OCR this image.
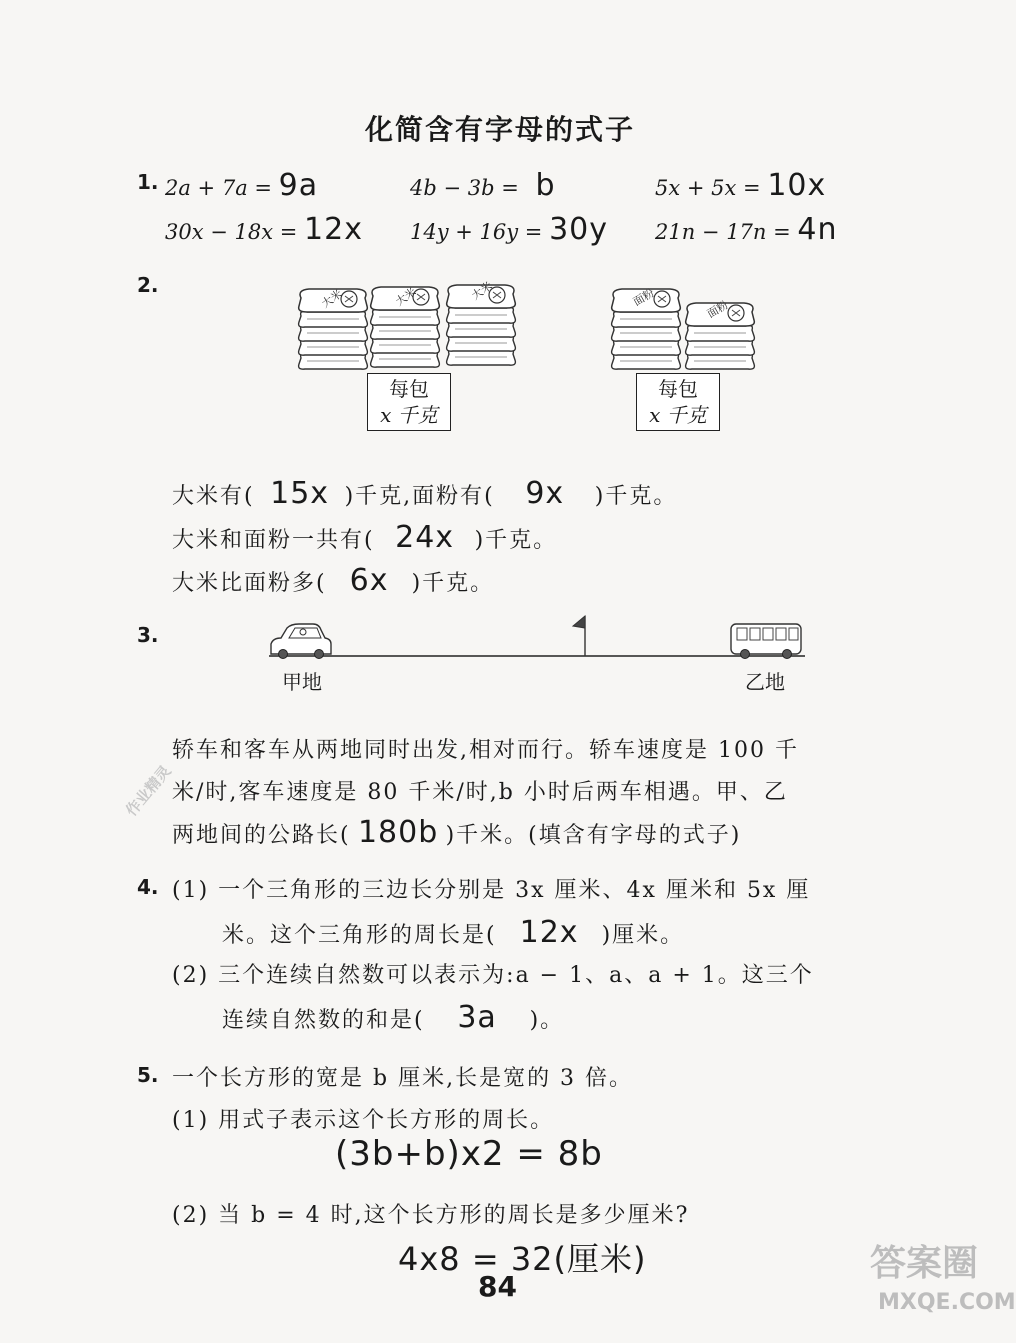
化简含有字母的式子
1. 2a + 7a = 9a	4b − 3b = b	5x + 5x = 10x
30x − 18x = 12x 14y + 16y = 30y 21n − 17n = 4n
2.
大米	大米	大米	面粉
面粉
每包
x 千克
每包
x 千克
大米有( 15x )千克,面粉有( 9x )千克。
大米和面粉一共有( 24x )千克。
大米比面粉多( 6x )千克。
3.
甲地	乙地
轿车和客车从两地同时出发,相对而行。轿车速度是 100 千
米/时,客车速度是 80 千米/时,b 小时后两车相遇。甲、乙
两地间的公路长( 180b )千米。(填含有字母的式子)
4. (1) 一个三角形的三边长分别是 3x 厘米、4x 厘米和 5x 厘
米。这个三角形的周长是( 12x )厘米。
(2) 三个连续自然数可以表示为:a − 1、a、a + 1。这三个
连续自然数的和是( 3a )。
5. 一个长方形的宽是 b 厘米,长是宽的 3 倍。
(1) 用式子表示这个长方形的周长。
(3b+b)x2 = 8b
(2) 当 b = 4 时,这个长方形的周长是多少厘米?
4x8 = 32(厘米)
84
作业精灵
答案圈
MXQE.COM
